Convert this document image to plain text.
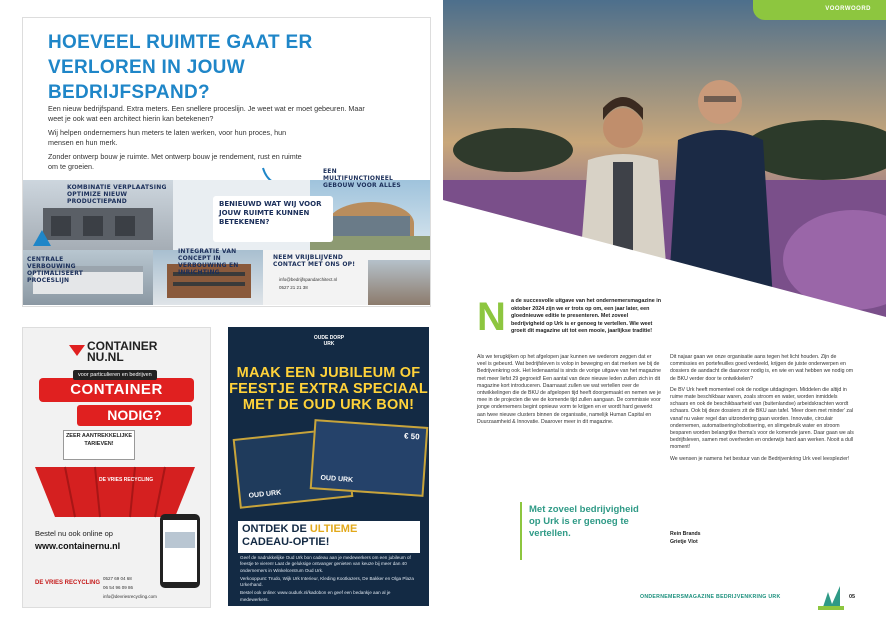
HOEVEEL RUIMTE GAAT ER VERLOREN IN JOUW BEDRIJFSPAND?
Een nieuw bedrijfspand. Extra meters. Een snellere proceslijn. Je weet wat er moet gebeuren. Maar weet je ook wat een architect hierin kan betekenen?
Wij helpen ondernemers hun meters te laten werken, voor hun proces, hun mensen en hun merk.
Zonder ontwerp bouw je ruimte. Met ontwerp bouw je rendement, rust en ruimte om te groeien.
KOMBINATIE VERPLAATSING OPTIMIZE NIEUW PRODUCTIEPAND
EEN MULTIFUNCTIONEEL GEBOUW VOOR ALLES
BENIEUWD WAT WIJ VOOR JOUW RUIMTE KUNNEN BETEKENEN?
CENTRALE VERBOUWING OPTIMALISEERT PROCESLIJN
INTEGRATIE VAN CONCEPT IN VERBOUWING EN INRICHTING
NEEM VRIJBLIJVEND CONTACT MET ONS OP!
info@bedrijfspandarchitect.nl
0527 21 21 38
CONTAINER NU.NL
CONTAINER
voor particulieren en bedrijven
NODIG?
ZEER AANTREKKELIJKE TARIEVEN!
DE VRIES RECYCLING
Bestel nu ook online op
www.containernu.nl
DE VRIES RECYCLING
0527 69 04 68
06 54 96 09 86
info@devriesrecycling.com
OUDE DORP URK
MAAK EEN JUBILEUM OF FEESTJE EXTRA SPECIAAL MET DE OUD URK BON!
OUD URK
€ 50
OUD URK
ONTDEK DE ULTIEME
CADEAU-OPTIE!
Geef de nadrukkelijke Oud Urk bon cadeau aan je medewerkers om een jubileum of feestje te vieren! Laat de geluksige ontvanger genieten van keuze bij meer dan 40 ondernemers in Winkelcentrum Oud Urk.
Verkooppunt: Trudo, Wijk Urk Interieur, Kleding Kootkazers, De Bakker en Olga Plaza Urkerhand.
Bestel ook online: www.oudurk.nl/kadobon en geef een bedankje aan al je medewerkers.
VOORWOORD
N a de succesvolle uitgave van het ondernemersmagazine in oktober 2024 zijn we er trots op om, een jaar later, een gloednieuwe editie te presenteren. Met zoveel bedrijvigheid op Urk is er genoeg te vertellen. Wie weet groeit dit magazine uit tot een mooie, jaarlijkse traditie!
Als we terugkijken op het afgelopen jaar kunnen we wederom zeggen dat er veel is gebeurd. Wat bedrijfsleven is volop in beweging en dat merken we bij de Bedrijvenkring ook. Het ledenaantal is sinds de vorige uitgave van het magazine met meer liefst 29 gegroeid! Een aantal van deze nieuwe leden zullen zich in dit magazine kort introduceren. Daarnaast zullen we wat vertellen over de ontwikkelingen die de BKU de afgelopen tijd heeft doorgemaakt en nemen we je mee in de projecten die we de komende tijd zullen aangaan. De commissie voor jonge ondernemers begint opnieuw vorm te krijgen en er wordt hard gewerkt aan twee nieuwe clusters binnen de organisatie, namelijk Human Capital en Duurzaamheid & Innovatie. Daarover meer in dit magazine.
Dit najaar gaan we onze organisatie aans tegen het licht houden. Zijn de commissies en portefeuilles goed verdeeld, krijgen de juiste onderwerpen en dossiers de aandacht die daarvoor nodig is, en wie en wat hebben we nodig om de BKU verder door te ontwikkelen?
De BV Urk heeft momenteel ook de nodige uitdagingen. Middelen die altijd in ruime mate beschikbaar waren, zoals stroom en water, worden inmiddels schaars en ook de beschikbaarheid van (buitenlandse) arbeidskrachten wordt schaars. Ook bij deze dossiers zit de BKU aan tafel. 'Meer doen met minder' zal vanaf nu vaker regel dan uitzondering gaan worden. Innovatie, circulair ondernemen, automatisering/robotisering, en slimgebruik water en stroom besparen worden belangrijke thema's voor de komende jaren. Daar gaan we als bedrijfsleven, samen met overheden en onderwijs hard aan werken. Nooit a dull moment!
We wensen je namens het bestuur van de Bedrijvenkring Urk veel leesplezier!
Met zoveel bedrijvigheid op Urk is er genoeg te vertellen.	Rein Brands
Grietje Vlot
ONDERNEMERSMAGAZINE BEDRIJVENKRING URK	05
